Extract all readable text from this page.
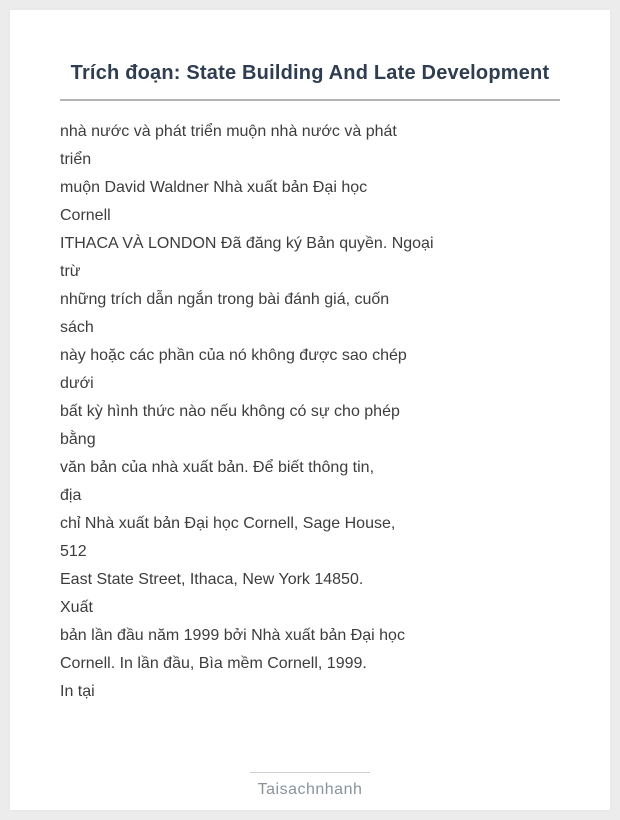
Trích đoạn: State Building And Late Development

nhà nước và phát triển muộn nhà nước và phát

triển

muộn David Waldner Nhà xuất bản Đại học

Cornell

ITHACA VÀ LONDON Đã đăng ký Bản quyền. Ngoại

trừ

những trích dẫn ngắn trong bài đánh giá, cuốn

sách

này hoặc các phần của nó không được sao chép

dưới

bất kỳ hình thức nào nếu không có sự cho phép

bằng

văn bản của nhà xuất bản. Để biết thông tin,

địa

chỉ Nhà xuất bản Đại học Cornell, Sage House,

512

East State Street, Ithaca, New York 14850.

Xuất

bản lần đầu năm 1999 bởi Nhà xuất bản Đại học

Cornell. In lần đầu, Bìa mềm Cornell, 1999.

In tại

Taisachnhanh
